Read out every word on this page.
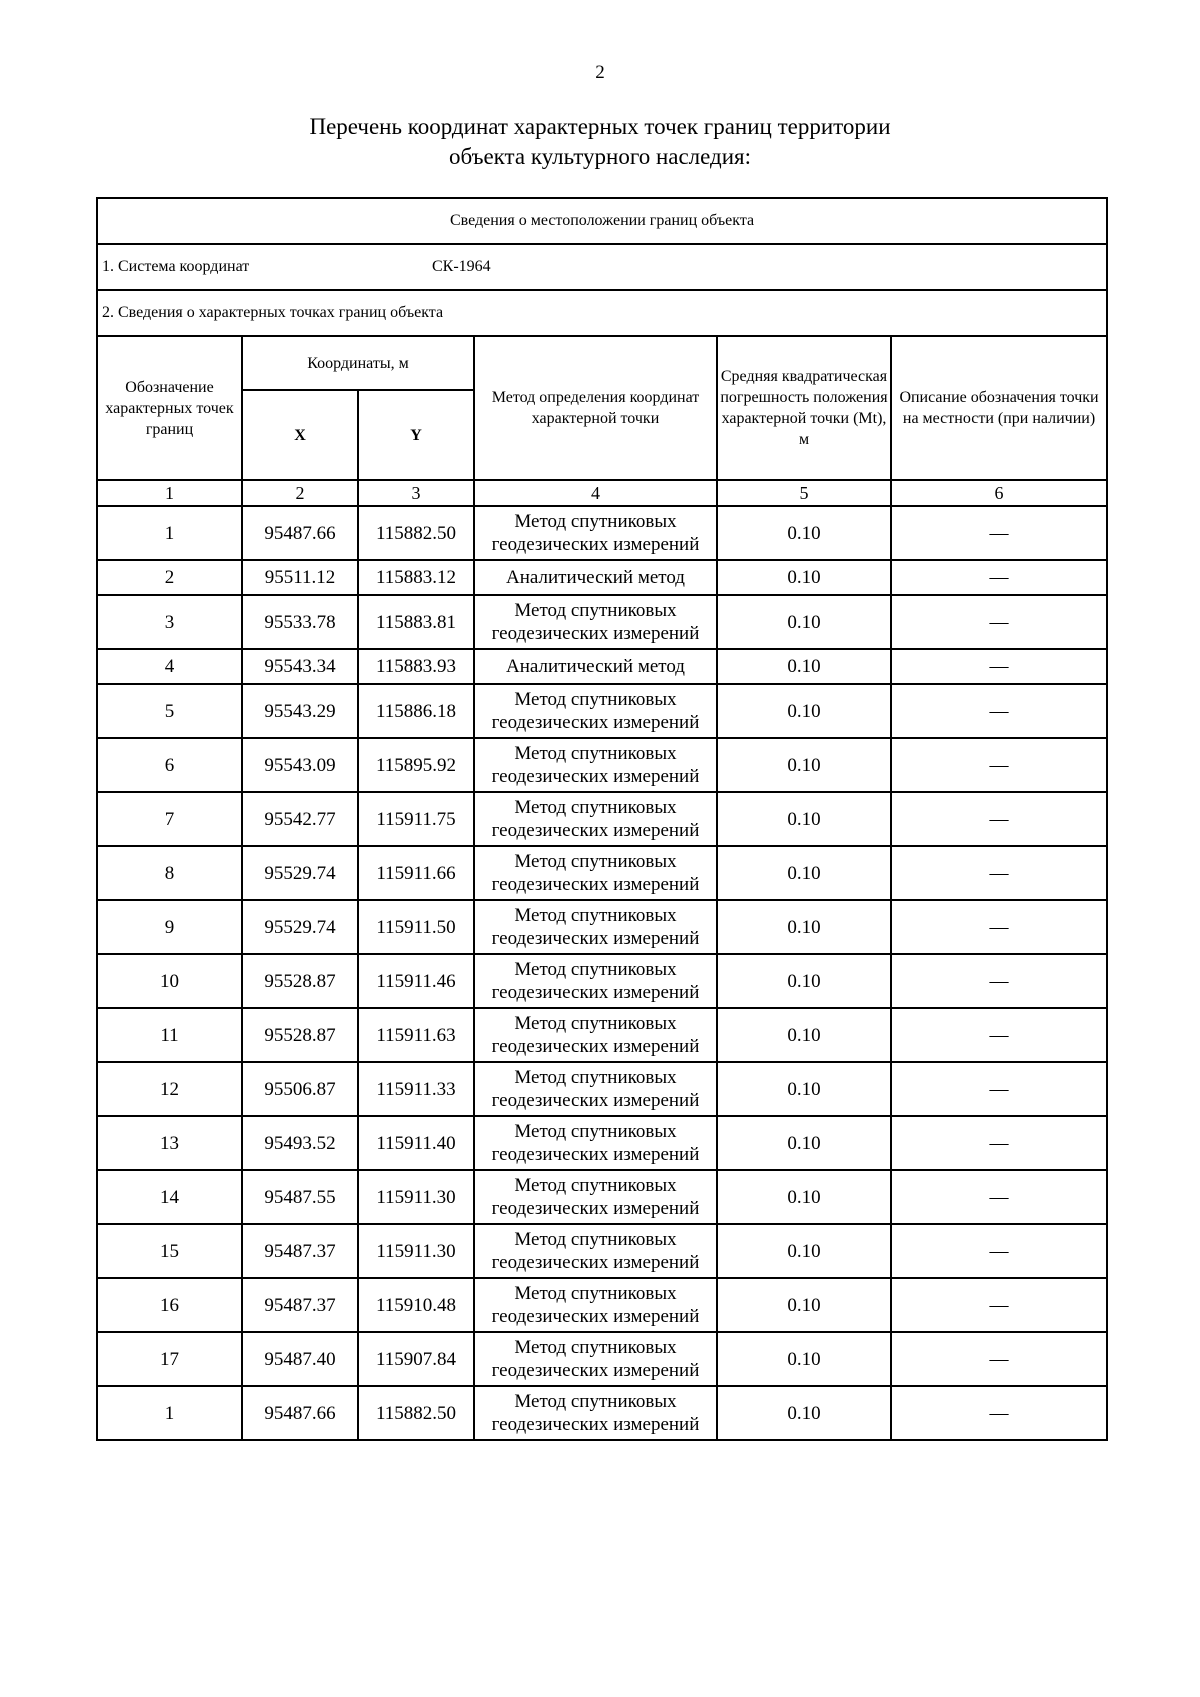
2
Перечень координат характерных точек границ территории
объекта культурного наследия:
Сведения о местоположении границ объекта					
1. Система координат СК-1964					
2. Сведения о характерных точках границ объекта					
Обозначение характерных точек границ	Координаты, м		Метод определения координат характерной точки	Средняя квадратическая погрешность положения характерной точки (Mt), м	Описание обозначения точки на местности (при наличии)
	X	Y			
1	2	3	4	5	6
1	95487.66	115882.50	Метод спутниковых геодезических измерений	0.10	—
2	95511.12	115883.12	Аналитический метод	0.10	—
3	95533.78	115883.81	Метод спутниковых геодезических измерений	0.10	—
4	95543.34	115883.93	Аналитический метод	0.10	—
5	95543.29	115886.18	Метод спутниковых геодезических измерений	0.10	—
6	95543.09	115895.92	Метод спутниковых геодезических измерений	0.10	—
7	95542.77	115911.75	Метод спутниковых геодезических измерений	0.10	—
8	95529.74	115911.66	Метод спутниковых геодезических измерений	0.10	—
9	95529.74	115911.50	Метод спутниковых геодезических измерений	0.10	—
10	95528.87	115911.46	Метод спутниковых геодезических измерений	0.10	—
11	95528.87	115911.63	Метод спутниковых геодезических измерений	0.10	—
12	95506.87	115911.33	Метод спутниковых геодезических измерений	0.10	—
13	95493.52	115911.40	Метод спутниковых геодезических измерений	0.10	—
14	95487.55	115911.30	Метод спутниковых геодезических измерений	0.10	—
15	95487.37	115911.30	Метод спутниковых геодезических измерений	0.10	—
16	95487.37	115910.48	Метод спутниковых геодезических измерений	0.10	—
17	95487.40	115907.84	Метод спутниковых геодезических измерений	0.10	—
1	95487.66	115882.50	Метод спутниковых геодезических измерений	0.10	—
